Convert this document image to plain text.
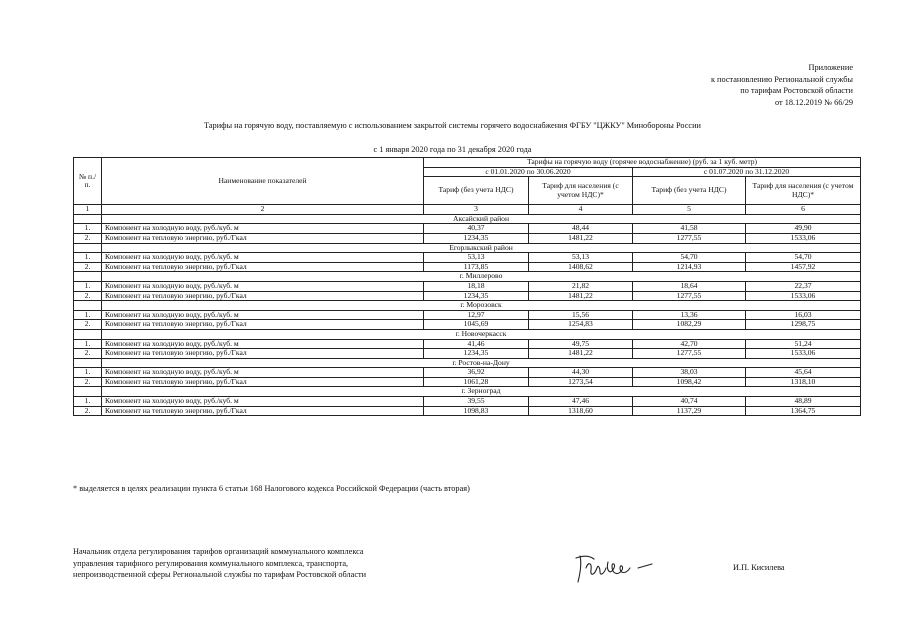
Приложение
к постановлению Региональной службы
по тарифам Ростовской области
от 18.12.2019 № 66/29
Тарифы на горячую воду, поставляемую с использованием закрытой системы горячего водоснабжения ФГБУ "ЦЖКУ" Минобороны России
с 1 января 2020 года по 31 декабря 2020 года
№ п./п.	Наименование показателей	Тарифы на горячую воду (горячее водоснабжение) (руб. за 1 куб. метр)			
		с 01.01.2020 по 30.06.2020		с 01.07.2020 по 31.12.2020	
		Тариф (без учета НДС)	Тариф для населения (с учетом НДС)*	Тариф (без учета НДС)	Тариф для населения (с учетом НДС)*
1	2	3	4	5	6
	Аксайский район				
1.	Компонент на холодную воду, руб./куб. м	40,37	48,44	41,58	49,90
2.	Компонент на тепловую энергию, руб./Гкал	1234,35	1481,22	1277,55	1533,06
	Егорлыкский район				
1.	Компонент на холодную воду, руб./куб. м	53,13	53,13	54,70	54,70
2.	Компонент на тепловую энергию, руб./Гкал	1173,85	1408,62	1214,93	1457,92
	г. Миллерово				
1.	Компонент на холодную воду, руб./куб. м	18,18	21,82	18,64	22,37
2.	Компонент на тепловую энергию, руб./Гкал	1234,35	1481,22	1277,55	1533,06
	г. Морозовск				
1.	Компонент на холодную воду, руб./куб. м	12,97	15,56	13,36	16,03
2.	Компонент на тепловую энергию, руб./Гкал	1045,69	1254,83	1082,29	1298,75
	г. Новочеркасск				
1.	Компонент на холодную воду, руб./куб. м	41,46	49,75	42,70	51,24
2.	Компонент на тепловую энергию, руб./Гкал	1234,35	1481,22	1277,55	1533,06
	г. Ростов-на-Дону				
1.	Компонент на холодную воду, руб./куб. м	36,92	44,30	38,03	45,64
2.	Компонент на тепловую энергию, руб./Гкал	1061,28	1273,54	1098,42	1318,10
	г. Зерноград				
1.	Компонент на холодную воду, руб./куб. м	39,55	47,46	40,74	48,89
2.	Компонент на тепловую энергию, руб./Гкал	1098,83	1318,60	1137,29	1364,75
* выделяется в целях реализации пункта 6 статьи 168 Налогового кодекса Российской Федерации (часть вторая)
Начальник отдела регулирования тарифов организаций коммунального комплекса
управления тарифного регулирования коммунального комплекса, транспорта,
непроизводственной сферы Региональной службы по тарифам Ростовской области
И.П. Кисилева
